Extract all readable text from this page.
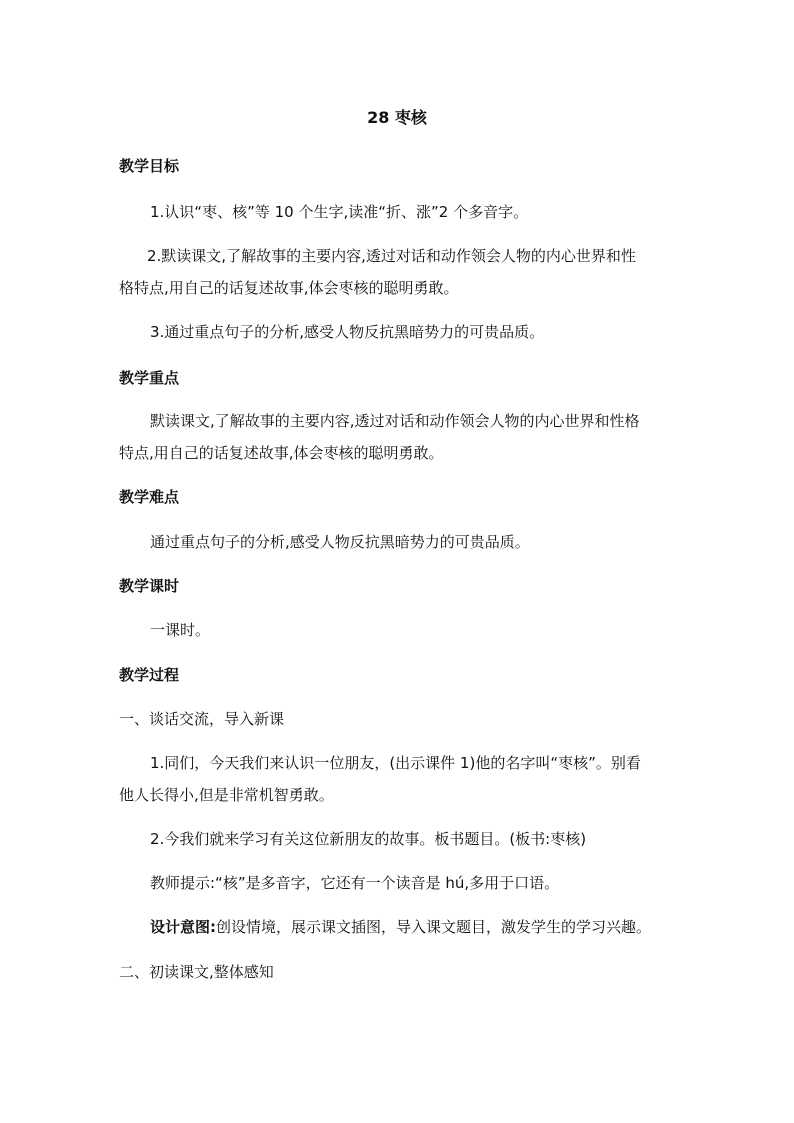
28 枣核
教学目标
1.认识“枣、核”等 10 个生字,读准“折、涨”2 个多音字。
2.默读课文,了解故事的主要内容,透过对话和动作领会人物的内心世界和性
格特点,用自己的话复述故事,体会枣核的聪明勇敢。
3.通过重点句子的分析,感受人物反抗黑暗势力的可贵品质。
教学重点
默读课文,了解故事的主要内容,透过对话和动作领会人物的内心世界和性格
特点,用自己的话复述故事,体会枣核的聪明勇敢。
教学难点
通过重点句子的分析,感受人物反抗黑暗势力的可贵品质。
教学课时
一课时。
教学过程
一、谈话交流，导入新课
1.同们，今天我们来认识一位朋友，(出示课件 1)他的名字叫“枣核”。别看
他人长得小,但是非常机智勇敢。
2.今我们就来学习有关这位新朋友的故事。板书题目。(板书:枣核)
教师提示:“核”是多音字，它还有一个读音是 hú,多用于口语。
设计意图:创设情境，展示课文插图，导入课文题目，激发学生的学习兴趣。
二、初读课文,整体感知
